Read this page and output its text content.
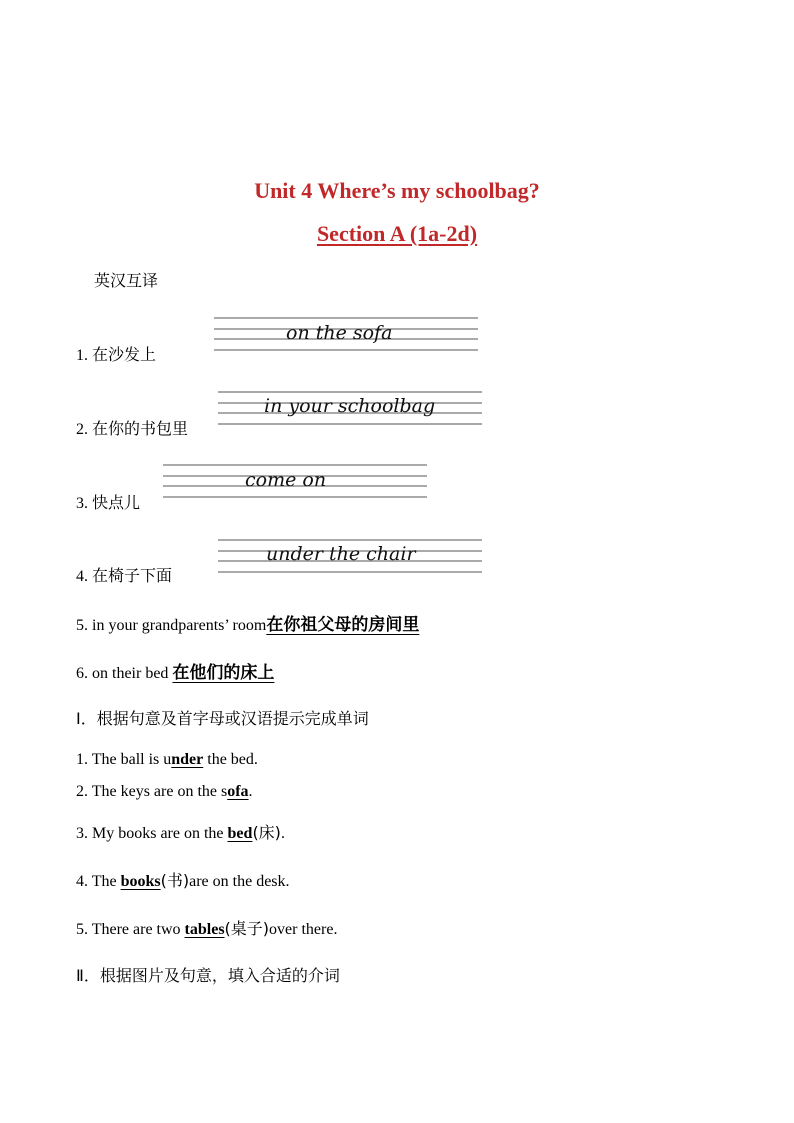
Unit 4 Where’s my schoolbag?
Section A (1a-2d)
英汉互译
on the sofa
1. 在沙发上
in your schoolbag
2. 在你的书包里
come on
3. 快点儿
under the chair
4. 在椅子下面
5. in your grandparents’ room在你祖父母的房间里
6. on their bed 在他们的床上
Ⅰ．根据句意及首字母或汉语提示完成单词
1. The ball is under the bed.
2. The keys are on the sofa.
3. My books are on the bed(床).
4. The books(书)are on the desk.
5. There are two tables(桌子)over there.
Ⅱ．根据图片及句意，填入合适的介词
